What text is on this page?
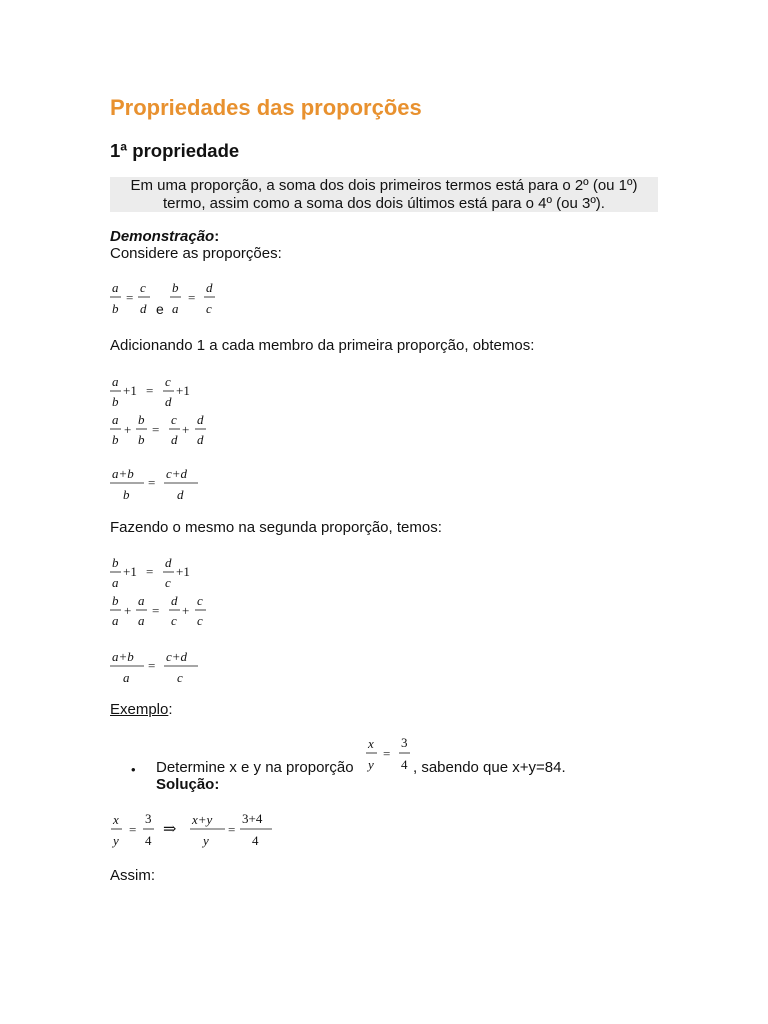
Propriedades das proporções
1ª propriedade
Em uma proporção, a soma dos dois primeiros termos está para o 2º (ou 1º) termo, assim como a soma dos dois últimos está para o 4º (ou 3º).
Demonstração:
Considere as proporções:
a
b
=
c
d e
b
a
=
d
c
Adicionando 1 a cada membro da primeira proporção, obtemos:
a
b
+1 =
c
d
+1
a
b
+
b
b
=
c
d
+
d
d
a+b
b
=
c+d
d
Fazendo o mesmo na segunda proporção, temos:
b
a
+1 =
d
c
+1
b
a
+
a
a
=
d
c
+
c
c
a+b
a
=
c+d
c
Exemplo:
• Determine x e y na proporção
x
y
=
3
4 , sabendo que x+y=84.
Solução:
x
y
=
3
4
⇒
x+y
y
=
3+4
4
Assim:
